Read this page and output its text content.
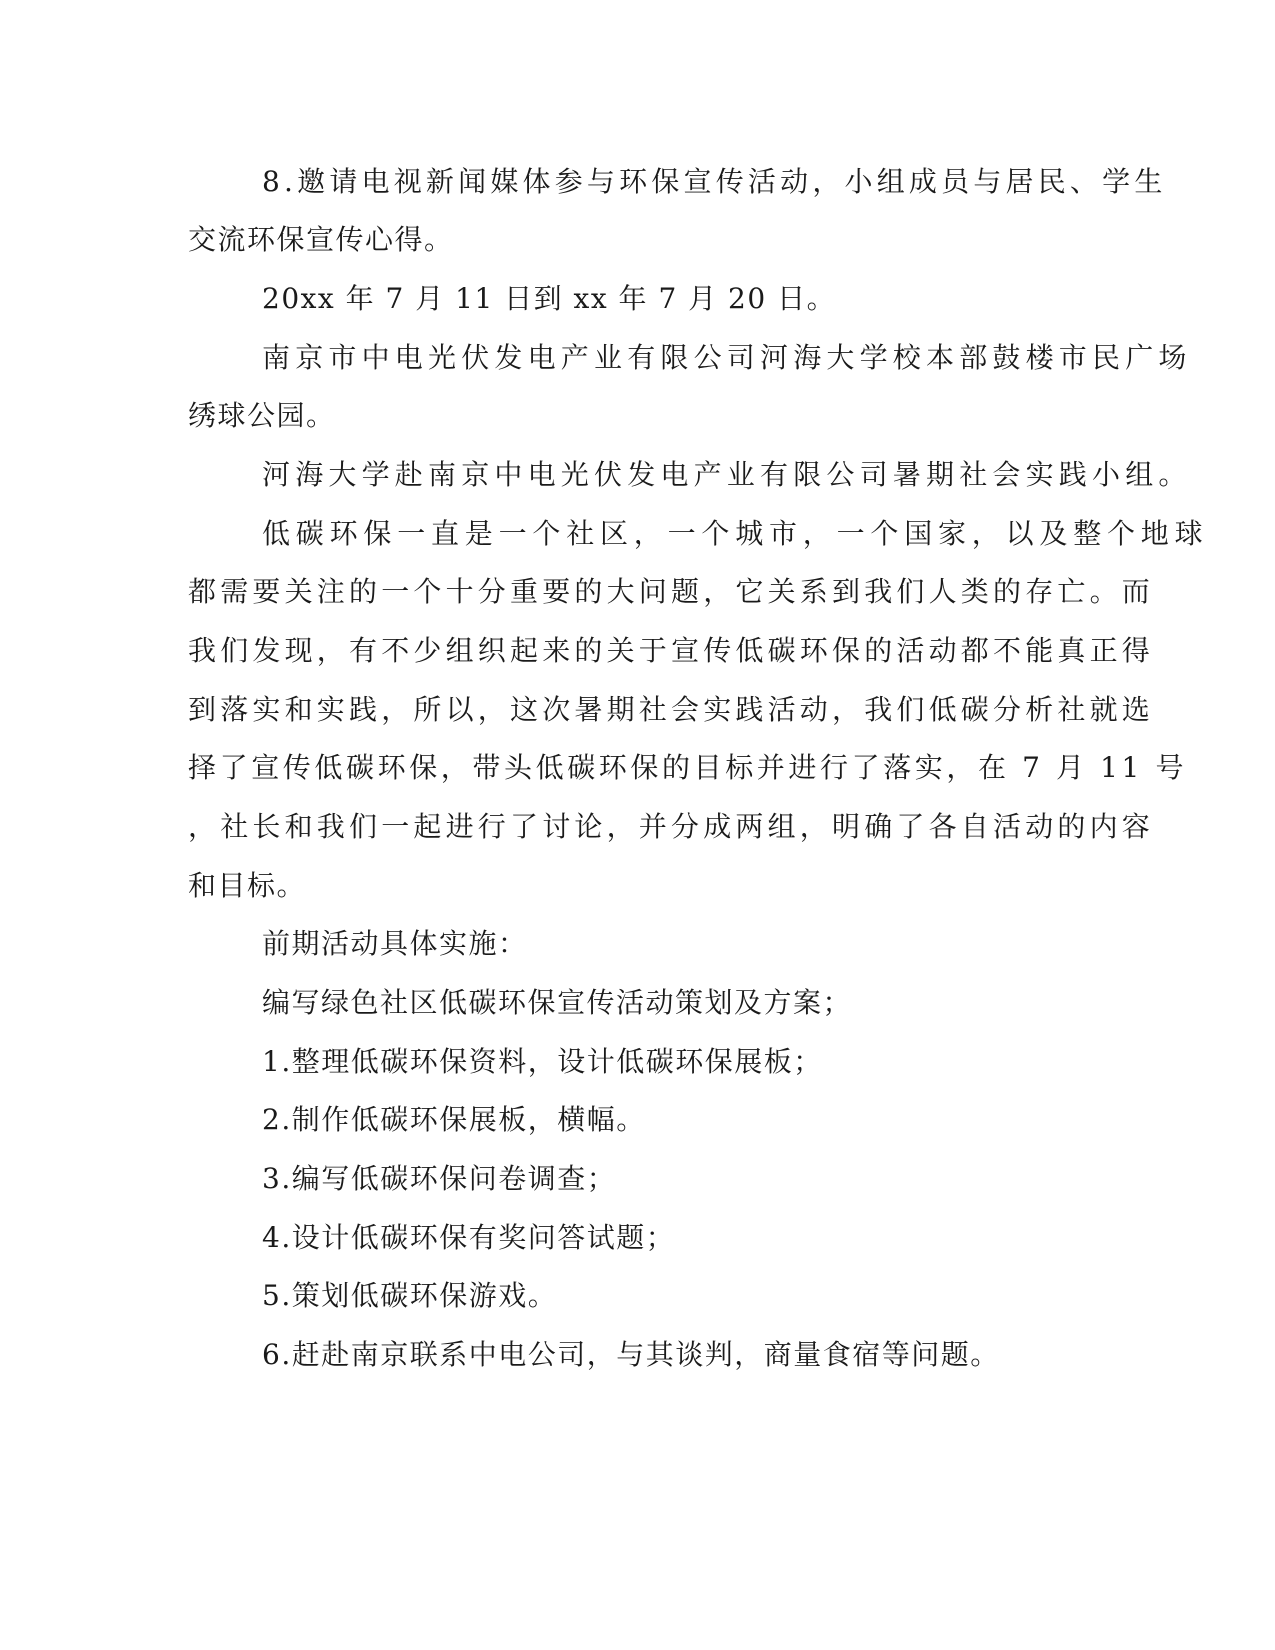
8.邀请电视新闻媒体参与环保宣传活动，小组成员与居民、学生

交流环保宣传心得。

20xx 年 7 月 11 日到 xx 年 7 月 20 日。

南京市中电光伏发电产业有限公司河海大学校本部鼓楼市民广场

绣球公园。

河海大学赴南京中电光伏发电产业有限公司暑期社会实践小组。

低碳环保一直是一个社区，一个城市，一个国家，以及整个地球

都需要关注的一个十分重要的大问题，它关系到我们人类的存亡。而

我们发现，有不少组织起来的关于宣传低碳环保的活动都不能真正得

到落实和实践，所以，这次暑期社会实践活动，我们低碳分析社就选

择了宣传低碳环保，带头低碳环保的目标并进行了落实，在 7 月 11 号

，社长和我们一起进行了讨论，并分成两组，明确了各自活动的内容

和目标。

前期活动具体实施：

编写绿色社区低碳环保宣传活动策划及方案；

1.整理低碳环保资料，设计低碳环保展板；

2.制作低碳环保展板，横幅。

3.编写低碳环保问卷调查；

4.设计低碳环保有奖问答试题；

5.策划低碳环保游戏。

6.赶赴南京联系中电公司，与其谈判，商量食宿等问题。
